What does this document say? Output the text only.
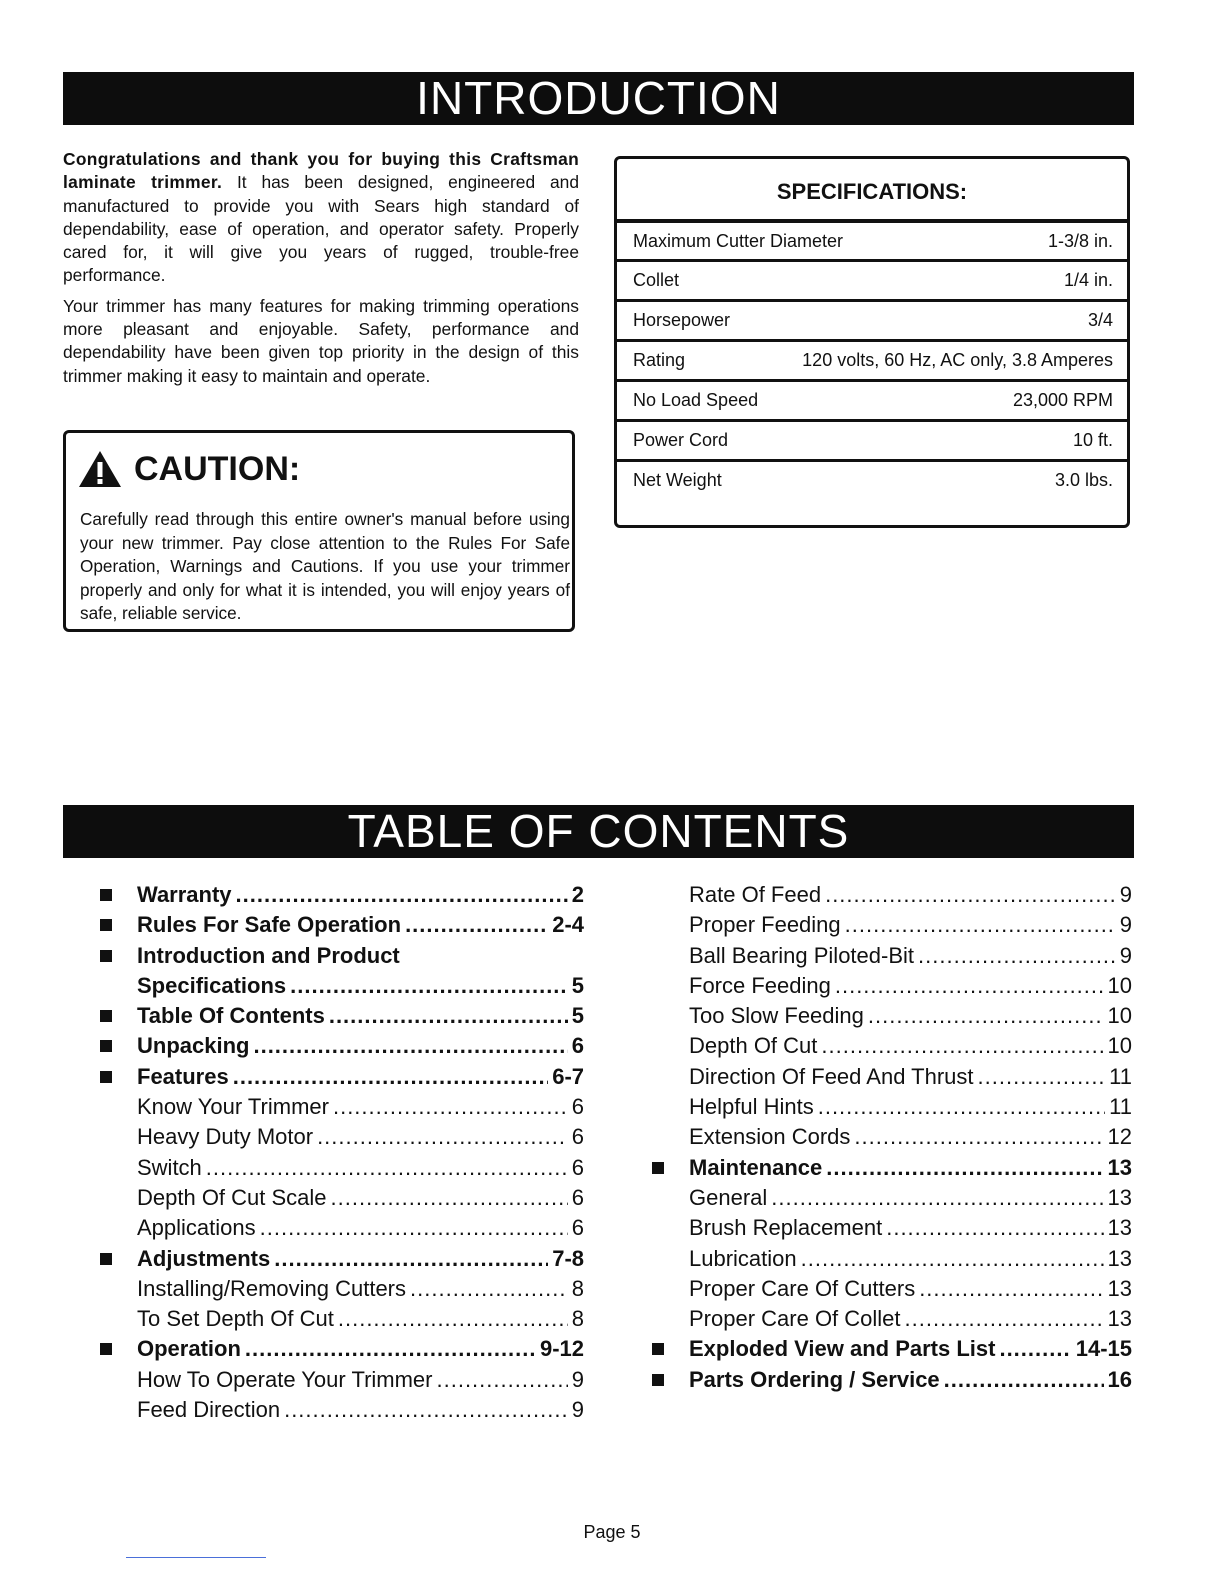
INTRODUCTION

Congratulations and thank you for buying this Craftsman laminate trimmer. It has been designed, engineered and manufactured to provide you with Sears high standard of dependability, ease of operation, and operator safety. Properly cared for, it will give you years of rugged, trouble-free performance.

Your trimmer has many features for making trimming operations more pleasant and enjoyable. Safety, performance and dependability have been given top priority in the design of this trimmer making it easy to maintain and operate.

CAUTION:
Carefully read through this entire owner's manual before using your new trimmer. Pay close attention to the Rules For Safe Operation, Warnings and Cautions. If you use your trimmer properly and only for what it is intended, you will enjoy years of safe, reliable service.
SPECIFICATIONS:
Maximum Cutter Diameter	1-3/8 in.
Collet	1/4 in.
Horsepower	3/4
Rating	120 volts, 60 Hz, AC only, 3.8 Amperes
No Load Speed	23,000 RPM
Power Cord	10 ft.
Net Weight	3.0 lbs.
TABLE OF CONTENTS
Warranty .....	2
Rules For Safe Operation .....	2-4
Introduction and Product
Specifications .....	5
Table Of Contents .....	5
Unpacking .....	6
Features .....	6-7
Know Your Trimmer .....	6
Heavy Duty Motor .....	6
Switch .....	6
Depth Of Cut Scale .....	6
Applications .....	6
Adjustments .....	7-8
Installing/Removing Cutters .....	8
To Set Depth Of Cut .....	8
Operation .....	9-12
How To Operate Your Trimmer .....	9
Feed Direction .....	9
Rate Of Feed .....	9
Proper Feeding .....	9
Ball Bearing Piloted-Bit .....	9
Force Feeding .....	10
Too Slow Feeding .....	10
Depth Of Cut .....	10
Direction Of Feed And Thrust .....	11
Helpful Hints .....	11
Extension Cords .....	12
Maintenance .....	13
General .....	13
Brush Replacement .....	13
Lubrication .....	13
Proper Care Of Cutters .....	13
Proper Care Of Collet .....	13
Exploded View and Parts List .....	14-15
Parts Ordering / Service .....	16
Page 5
